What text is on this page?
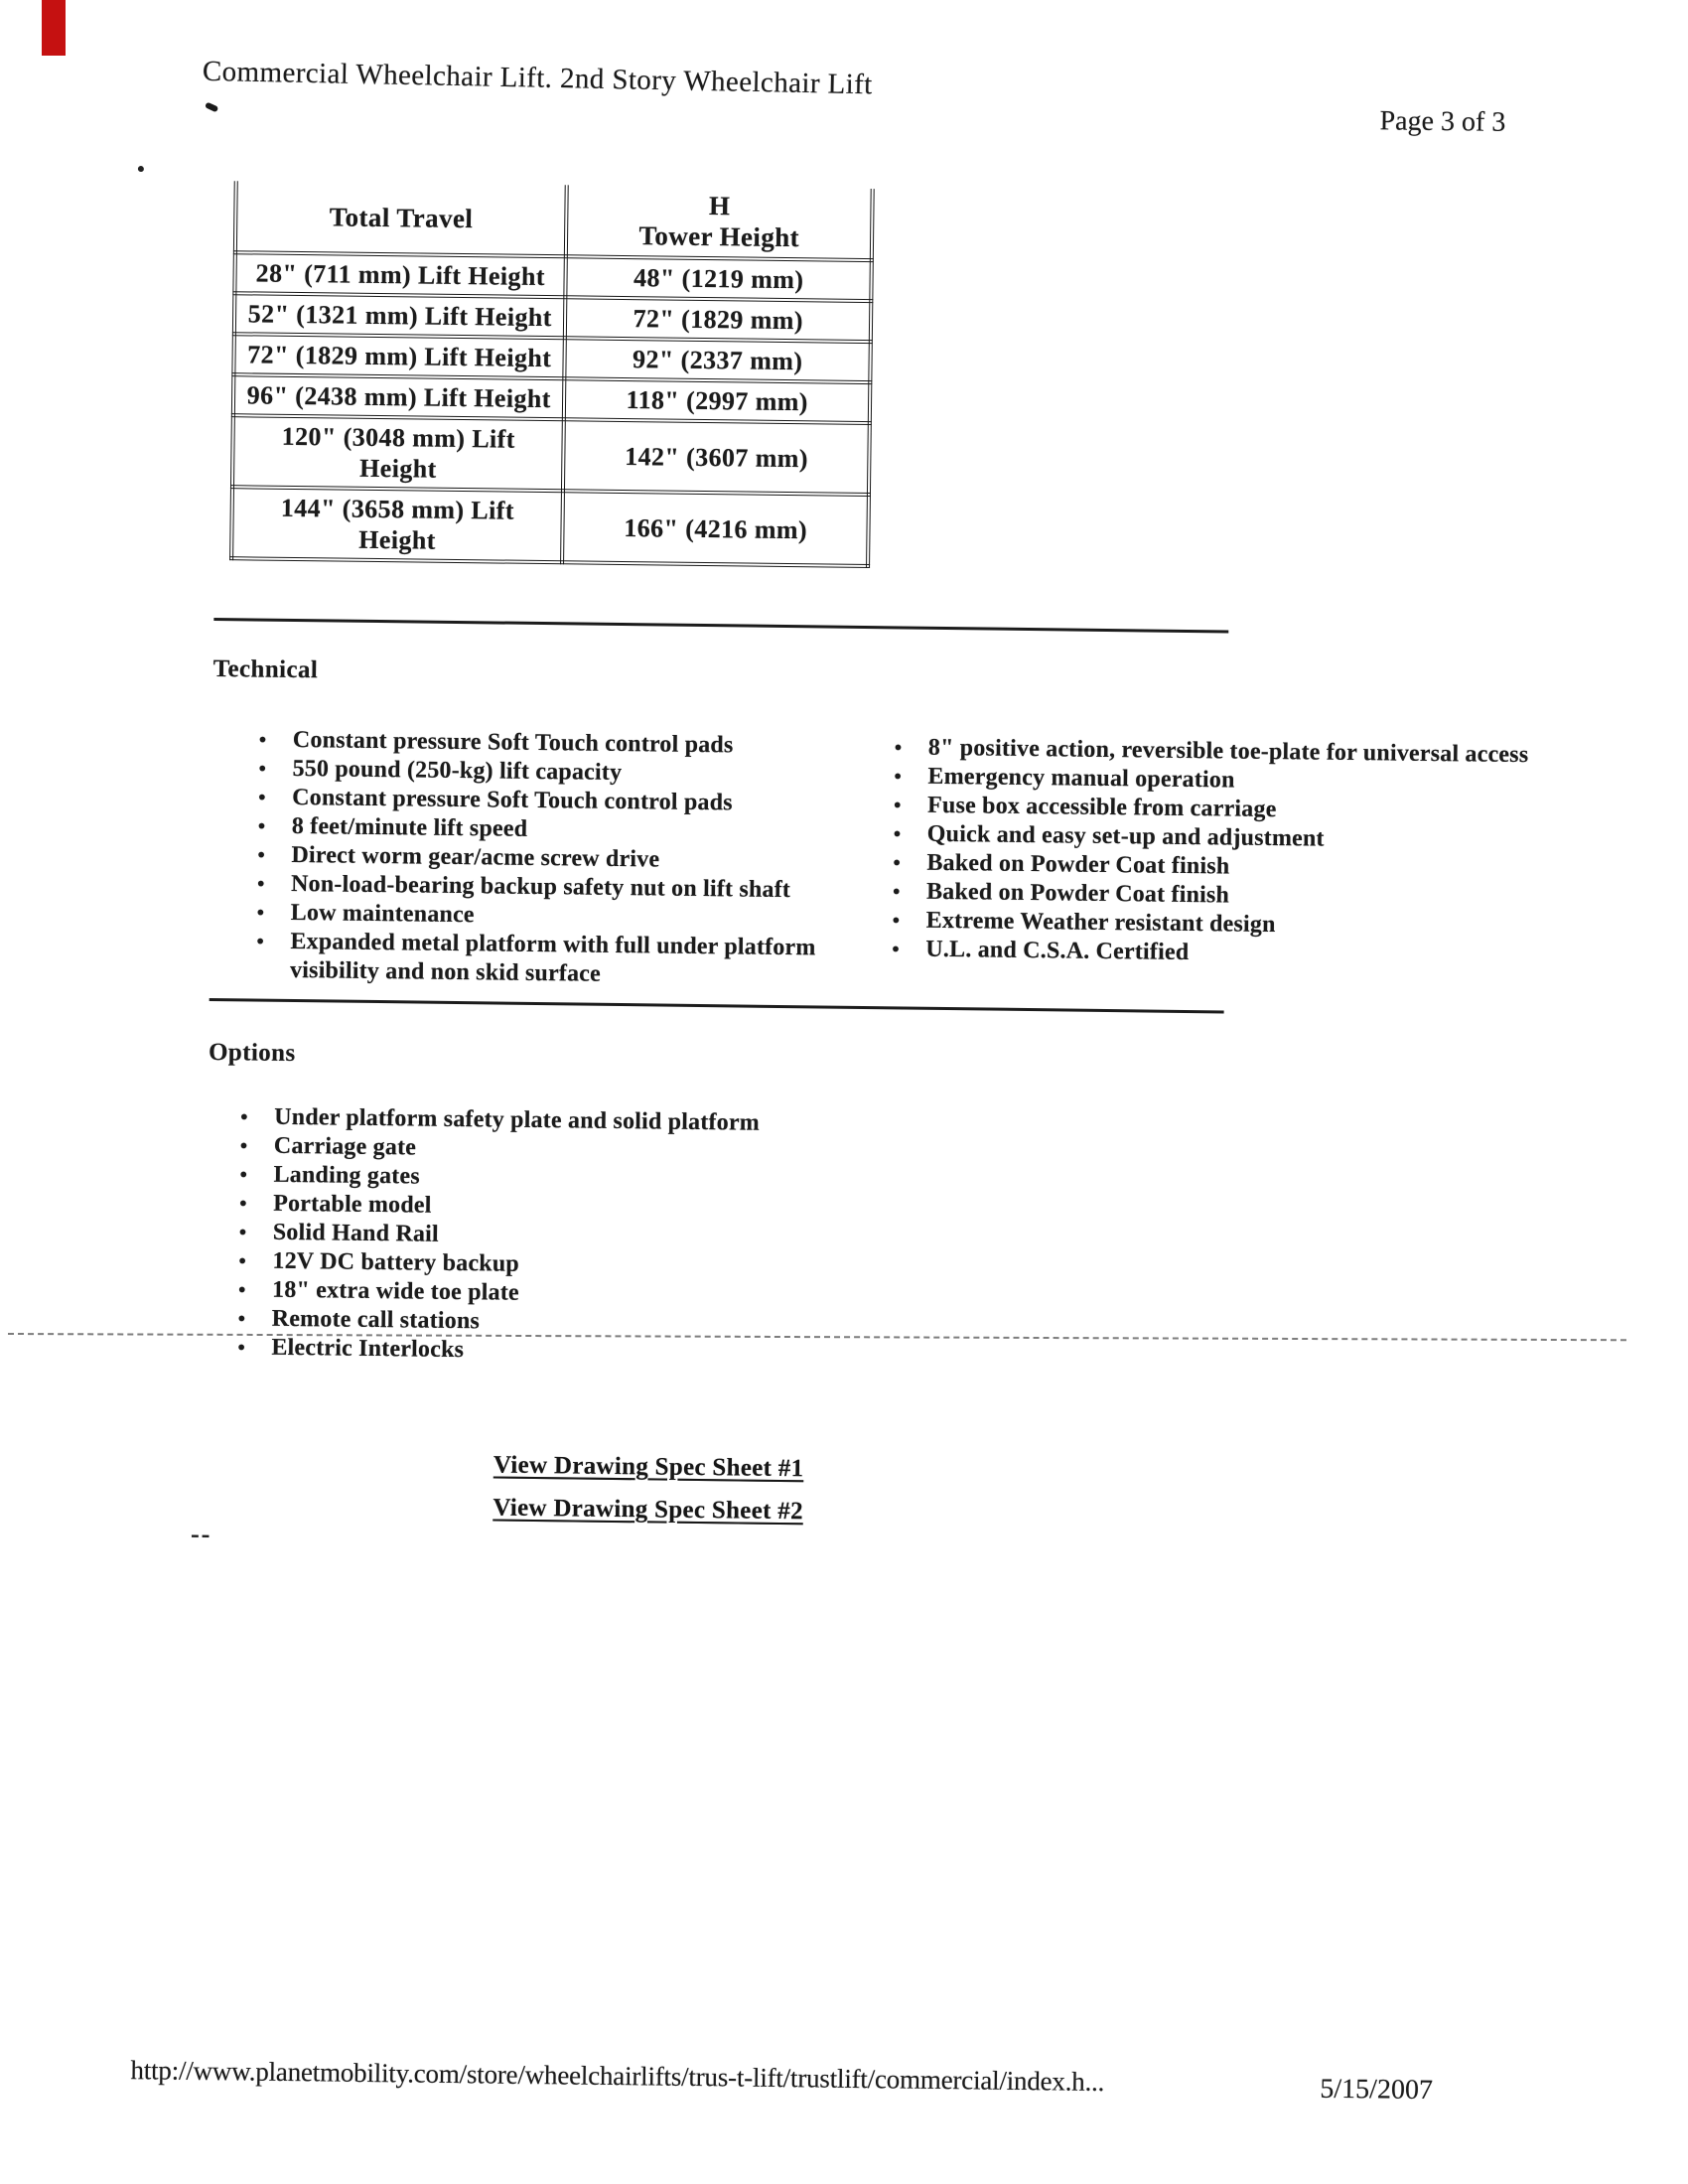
Commercial Wheelchair Lift. 2nd Story Wheelchair Lift
Page 3 of 3
Total Travel	H
Tower Height

28" (711 mm) Lift Height	48" (1219 mm)
52" (1321 mm) Lift Height	72" (1829 mm)
72" (1829 mm) Lift Height	92" (2337 mm)
96" (2438 mm) Lift Height	118" (2997 mm)
120" (3048 mm) Lift Height	142" (3607 mm)
144" (3658 mm) Lift Height	166" (4216 mm)
Technical
•	Constant pressure Soft Touch control pads
•	550 pound (250-kg) lift capacity
•	Constant pressure Soft Touch control pads
•	8 feet/minute lift speed
•	Direct worm gear/acme screw drive
•	Non-load-bearing backup safety nut on lift shaft
•	Low maintenance
•	Expanded metal platform with full under platform visibility and non skid surface
•	8" positive action, reversible toe-plate for universal access
•	Emergency manual operation
•	Fuse box accessible from carriage
•	Quick and easy set-up and adjustment
•	Baked on Powder Coat finish
•	Baked on Powder Coat finish
•	Extreme Weather resistant design
•	U.L. and C.S.A. Certified
Options
•	Under platform safety plate and solid platform
•	Carriage gate
•	Landing gates
•	Portable model
•	Solid Hand Rail
•	12V DC battery backup
•	18" extra wide toe plate
•	Remote call stations
•	Electric Interlocks
View Drawing Spec Sheet #1
View Drawing Spec Sheet #2
--
http://www.planetmobility.com/store/wheelchairlifts/trus-t-lift/trustlift/commercial/index.h...	5/15/2007
